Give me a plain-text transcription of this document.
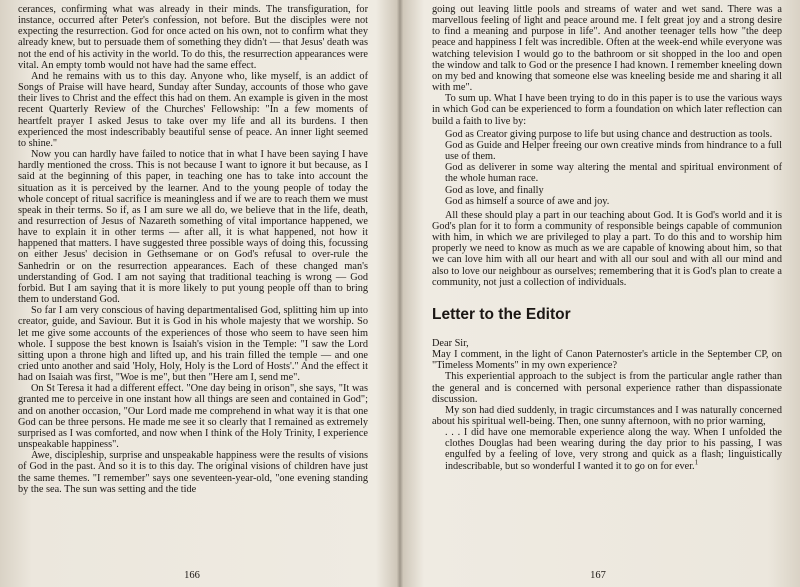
cerances, confirming what was already in their minds. The transfiguration, for instance, occurred after Peter's confession, not before. But the disciples were not expecting the resurrection. God for once acted on his own, not to confirm what they already knew, but to persuade them of something they didn't — that Jesus' death was not the end of his activity in the world. To do this, the resurrection appearances were vital. An empty tomb would not have had the same effect.

And he remains with us to this day. Anyone who, like myself, is an addict of Songs of Praise will have heard, Sunday after Sunday, accounts of those who gave their lives to Christ and the effect this had on them. An example is given in the most recent Quarterly Review of the Churches' Fellowship: "In a few moments of heartfelt prayer I asked Jesus to take over my life and all its burdens. I then experienced the most indescribably beautiful sense of peace. An inner light seemed to shine."

Now you can hardly have failed to notice that in what I have been saying I have hardly mentioned the cross. This is not because I want to ignore it but because, as I said at the beginning of this paper, in teaching one has to take into account the situation as it is perceived by the learner. And to the young people of today the whole concept of ritual sacrifice is meaningless and if we are to reach them we must speak in their terms. So if, as I am sure we all do, we believe that in the life, death, and resurrection of Jesus of Nazareth something of vital importance happened, we have to explain it in other terms — after all, it is what happened, not how it happened that matters. I have suggested three possible ways of doing this, focussing on either Jesus' decision in Gethsemane or on God's refusal to over-rule the Sanhedrin or on the resurrection appearances. Each of these changed man's understanding of God. I am not saying that traditional teaching is wrong — God forbid. But I am saying that it is more likely to put young people off than to bring them to understand God.

So far I am very conscious of having departmentalised God, splitting him up into creator, guide, and Saviour. But it is God in his whole majesty that we worship. So let me give some accounts of the experiences of those who seem to have seen him whole. I suppose the best known is Isaiah's vision in the Temple: "I saw the Lord sitting upon a throne high and lifted up, and his train filled the temple — and one cried unto another and said 'Holy, Holy, Holy is the Lord of Hosts'." And the effect it had on Isaiah was first, "Woe is me", but then "Here am I, send me".

On St Teresa it had a different effect. "One day being in orison", she says, "It was granted me to perceive in one instant how all things are seen and contained in God"; and on another occasion, "Our Lord made me comprehend in what way it is that one God can be three persons. He made me see it so clearly that I remained as extremely surprised as I was comforted, and now when I think of the Holy Trinity, I experience unspeakable happiness".

Awe, discipleship, surprise and unspeakable happiness were the results of visions of God in the past. And so it is to this day. The original visions of children have just the same themes. "I remember" says one seventeen-year-old, "one evening standing by the sea. The sun was setting and the tide

166

going out leaving little pools and streams of water and wet sand. There was a marvellous feeling of light and peace around me. I felt great joy and a strong desire to find a meaning and purpose in life". And another teenager tells how "the deep peace and happiness I felt was incredible. Often at the week-end while everyone was watching television I would go to the bathroom or sit shopped in the loo and open the window and talk to God or the presence I had known. I remember kneeling down on my bed and knowing that someone else was kneeling beside me and sharing it all with me".

To sum up. What I have been trying to do in this paper is to use the various ways in which God can be experienced to form a foundation on which later reflection can build a faith to live by:

God as Creator giving purpose to life but using chance and destruction as tools.

God as Guide and Helper freeing our own creative minds from hindrance to a full use of them.

God as deliverer in some way altering the mental and spiritual environment of the whole human race.

God as love, and finally

God as himself a source of awe and joy.

All these should play a part in our teaching about God. It is God's world and it is God's plan for it to form a community of responsible beings capable of communion with him, in which we are privileged to play a part. To do this and to worship him properly we need to know as much as we are capable of knowing about him, so that we can love him with all our heart and with all our soul and with all our mind and also to love our neighbour as ourselves; remembering that it is God's plan to create a community, not just a collection of individuals.

Letter to the Editor

Dear Sir,

May I comment, in the light of Canon Paternoster's article in the September CP, on "Timeless Moments" in my own experience?

This experiential approach to the subject is from the particular angle rather than the general and is concerned with personal experience rather than dispassionate discussion.

My son had died suddenly, in tragic circumstances and I was naturally concerned about his spiritual well-being. Then, one sunny afternoon, with no prior warning,

. . . I did have one memorable experience along the way. When I unfolded the clothes Douglas had been wearing during the day prior to his passing, I was engulfed by a feeling of love, very strong and quick as a flash; linguistically indescribable, but so wonderful I wanted it to go on for ever.$^1$

167
